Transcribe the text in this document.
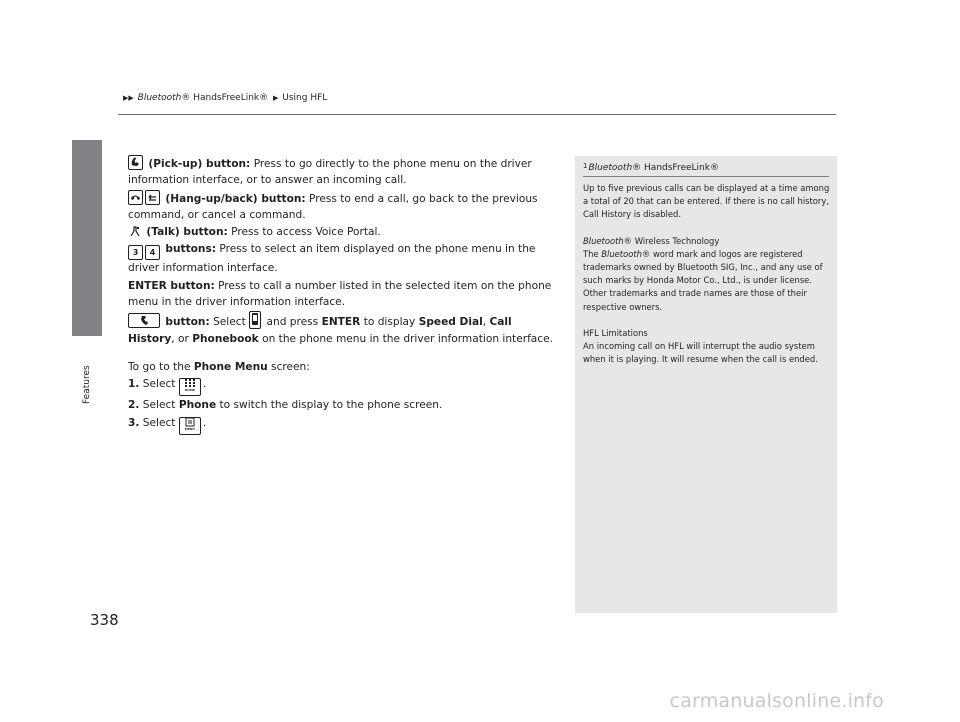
▶▶ Bluetooth® HandsFreeLink® ▶ Using HFL
Features
338

(Pick-up) button: Press to go directly to the phone menu on the driver information interface, or to answer an incoming call.

(Hang-up/back) button: Press to end a call, go back to the previous command, or cancel a command.

(Talk) button: Press to access Voice Portal.

3 4 buttons: Press to select an item displayed on the phone menu in the driver information interface.

ENTER button: Press to call a number listed in the selected item on the phone menu in the driver information interface.

button: Select and press ENTER to display Speed Dial, Call History, or Phonebook on the phone menu in the driver information interface.

To go to the Phone Menu screen:

1. Select	HOME .

2. Select Phone to switch the display to the phone screen.

3. Select	MENU .

$^1$Bluetooth® HandsFreeLink®

Up to five previous calls can be displayed at a time among a total of 20 that can be entered. If there is no call history, Call History is disabled.

Bluetooth® Wireless Technology
The Bluetooth® word mark and logos are registered trademarks owned by Bluetooth SIG, Inc., and any use of such marks by Honda Motor Co., Ltd., is under license. Other trademarks and trade names are those of their respective owners.

HFL Limitations
An incoming call on HFL will interrupt the audio system when it is playing. It will resume when the call is ended.

carmanualsonline.info
